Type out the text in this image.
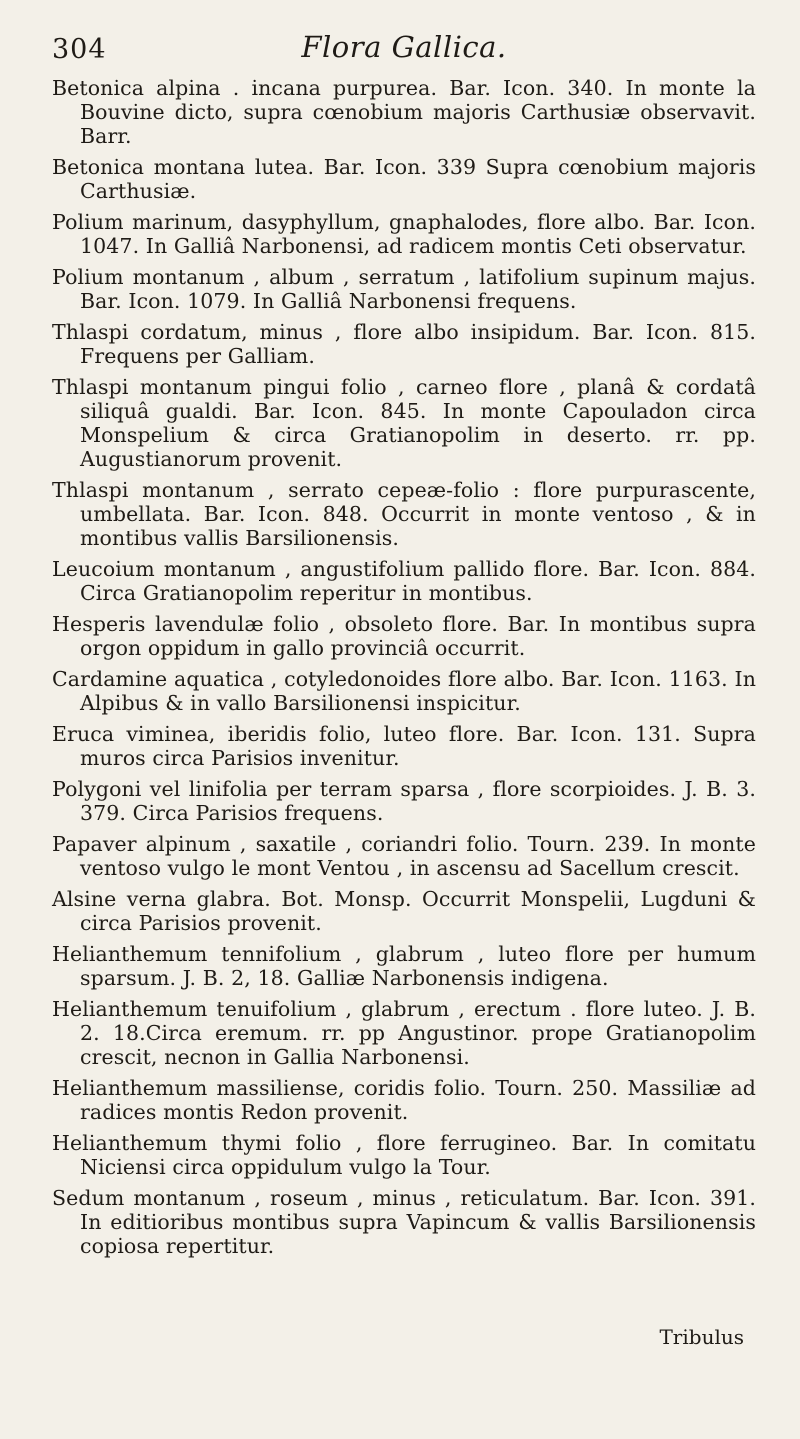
304	Flora Gallica.

Betonica alpina . incana purpurea. Bar. Icon. 340. In monte la Bouvine dicto, supra cœnobium majoris Carthusiæ observavit. Barr.

Betonica montana lutea. Bar. Icon. 339 Supra cœnobium majoris Carthusiæ.

Polium marinum, dasyphyllum, gnaphalodes, flore albo. Bar. Icon. 1047. In Galliâ Narbonensi, ad radicem montis Ceti observatur.

Polium montanum , album , serratum , latifolium supinum majus. Bar. Icon. 1079. In Galliâ Narbonensi frequens.

Thlaspi cordatum, minus , flore albo insipidum. Bar. Icon. 815. Frequens per Galliam.

Thlaspi montanum pingui folio , carneo flore , planâ & cordatâ siliquâ gualdi. Bar. Icon. 845. In monte Capouladon circa Monspelium & circa Gratianopolim in deserto. rr. pp. Augustianorum provenit.

Thlaspi montanum , serrato cepeæ-folio : flore purpurascente, umbellata. Bar. Icon. 848. Occurrit in monte ventoso , & in montibus vallis Barsilionensis.

Leucoium montanum , angustifolium pallido flore. Bar. Icon. 884. Circa Gratianopolim reperitur in montibus.

Hesperis lavendulæ folio , obsoleto flore. Bar. In montibus supra orgon oppidum in gallo provinciâ occurrit.

Cardamine aquatica , cotyledonoides flore albo. Bar. Icon. 1163. In Alpibus & in vallo Barsilionensi inspicitur.

Eruca viminea, iberidis folio, luteo flore. Bar. Icon. 131. Supra muros circa Parisios invenitur.

Polygoni vel linifolia per terram sparsa , flore scorpioides. J. B. 3. 379. Circa Parisios frequens.

Papaver alpinum , saxatile , coriandri folio. Tourn. 239. In monte ventoso vulgo le mont Ventou , in ascensu ad Sacellum crescit.

Alsine verna glabra. Bot. Monsp. Occurrit Monspelii, Lugduni & circa Parisios provenit.

Helianthemum tennifolium , glabrum , luteo flore per humum sparsum. J. B. 2, 18. Galliæ Narbonensis indigena.

Helianthemum tenuifolium , glabrum , erectum . flore luteo. J. B. 2. 18.Circa eremum. rr. pp Angustinor. prope Gratianopolim crescit, necnon in Gallia Narbonensi.

Helianthemum massiliense, coridis folio. Tourn. 250. Massiliæ ad radices montis Redon provenit.

Helianthemum thymi folio , flore ferrugineo. Bar. In comitatu Niciensi circa oppidulum vulgo la Tour.

Sedum montanum , roseum , minus , reticulatum. Bar. Icon. 391. In editioribus montibus supra Vapincum & vallis Barsilionensis copiosa repertitur.

Tribulus
